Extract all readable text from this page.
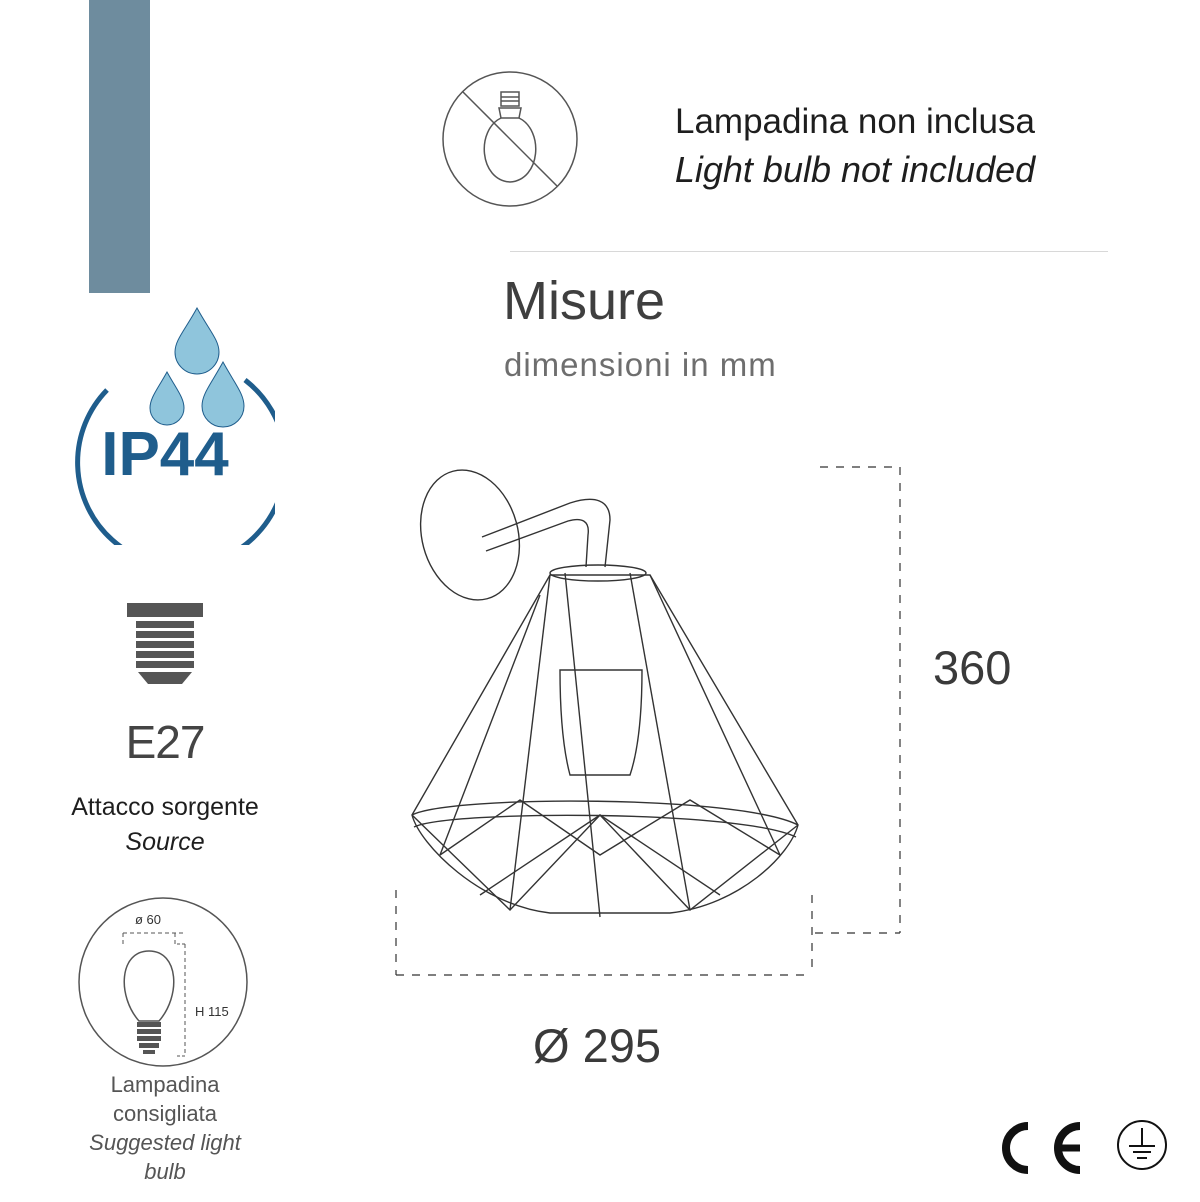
Lampadina non inclusa
Light bulb not included
Misure
dimensioni in mm
IP44
E27
Attacco sorgente
Source
ø 60
H 115
Lampadina
consigliata
Suggested light
bulb
360
Ø 295
CE
